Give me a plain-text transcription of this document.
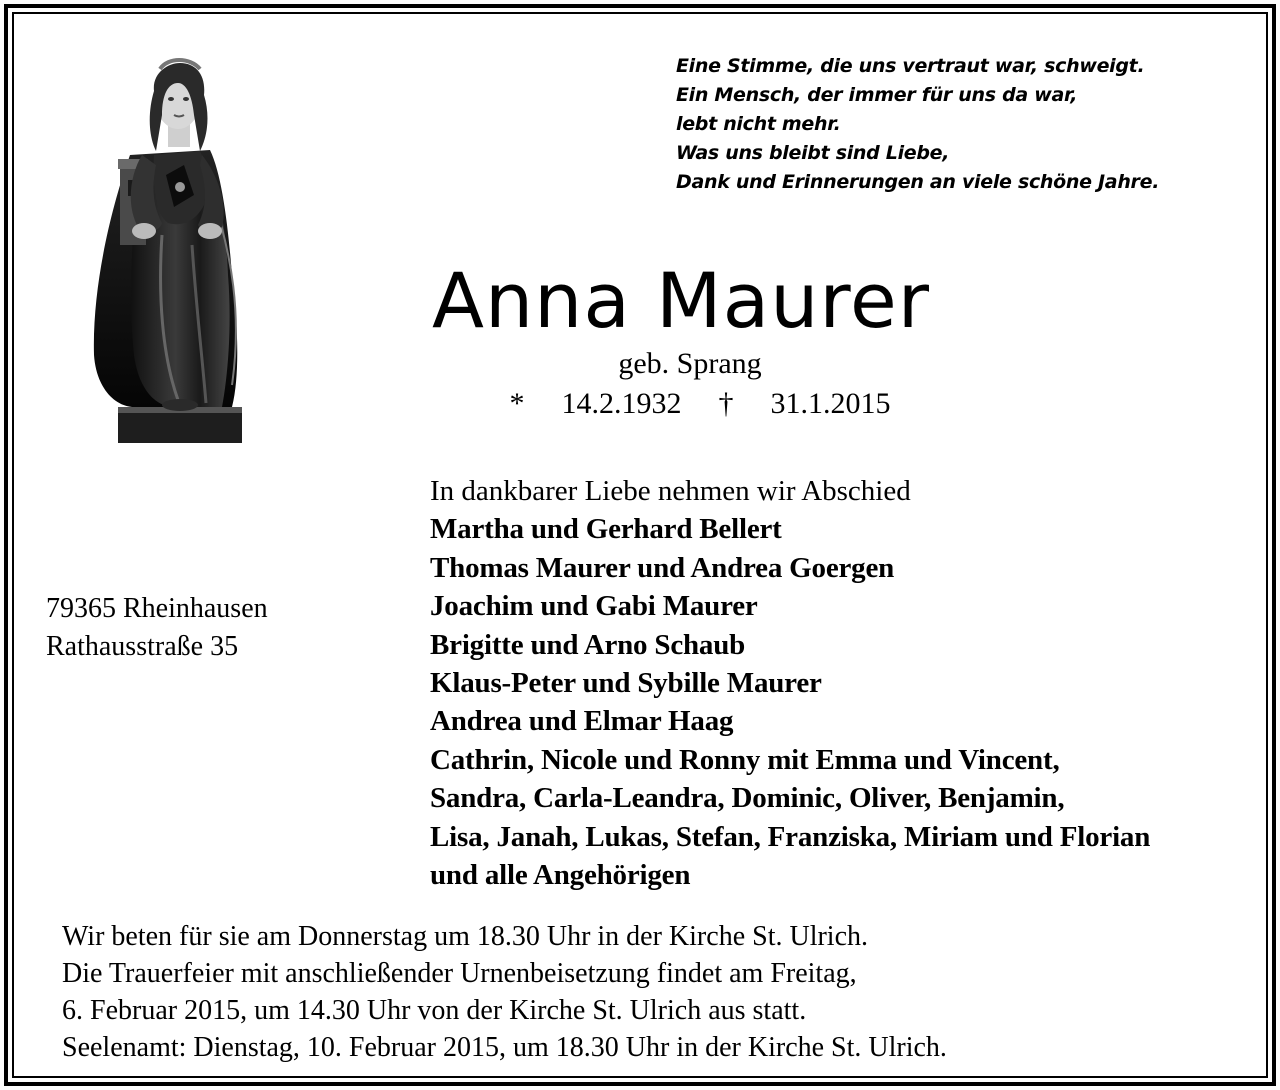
Eine Stimme, die uns vertraut war, schweigt.
Ein Mensch, der immer für uns da war,
lebt nicht mehr.
Was uns bleibt sind Liebe,
Dank und Erinnerungen an viele schöne Jahre.
Anna Maurer
geb. Sprang
* 14.2.1932 † 31.1.2015
79365 Rheinhausen
Rathausstraße 35
In dankbarer Liebe nehmen wir Abschied
Martha und Gerhard Bellert
Thomas Maurer und Andrea Goergen
Joachim und Gabi Maurer
Brigitte und Arno Schaub
Klaus-Peter und Sybille Maurer
Andrea und Elmar Haag
Cathrin, Nicole und Ronny mit Emma und Vincent,
Sandra, Carla-Leandra, Dominic, Oliver, Benjamin,
Lisa, Janah, Lukas, Stefan, Franziska, Miriam und Florian
und alle Angehörigen
Wir beten für sie am Donnerstag um 18.30 Uhr in der Kirche St. Ulrich.
Die Trauerfeier mit anschließender Urnenbeisetzung findet am Freitag,
6. Februar 2015, um 14.30 Uhr von der Kirche St. Ulrich aus statt.
Seelenamt: Dienstag, 10. Februar 2015, um 18.30 Uhr in der Kirche St. Ulrich.
